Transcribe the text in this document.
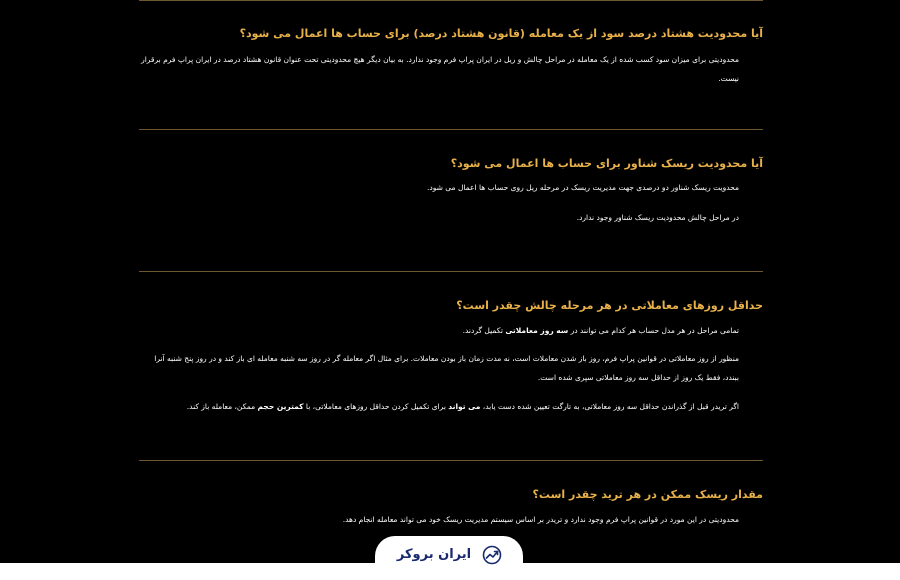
آیا محدودیت هشتاد درصد سود از یک معامله (قانون هشتاد درصد) برای حساب ها اعمال می شود؟

محدودیتی برای میزان سود کسب شده از یک معامله در مراحل چالش و ریل در ایران پراپ فرم وجود ندارد. به بیان دیگر هیچ محدودیتی تحت عنوان قانون هشتاد درصد در ایران پراپ فرم برقرار نیست.

آیا محدودیت ریسک شناور برای حساب ها اعمال می شود؟

محدویت ریسک شناور دو درصدی جهت مدیریت ریسک در مرحله ریل روی حساب ها اعمال می شود.

در مراحل چالش محدودیت ریسک شناور وجود ندارد.

حداقل روزهای معاملاتی در هر مرحله چالش چقدر است؟

تمامی مراحل در هر مدل حساب هر کدام می توانند در سه روز معاملاتی تکمیل گردند.

منظور از روز معاملاتی در قوانین پراپ فرم، روز باز شدن معاملات است، نه مدت زمان باز بودن معاملات. برای مثال اگر معامله گر در روز سه شنبه معامله ای باز کند و در روز پنج شنبه آنرا ببندد، فقط یک روز از حداقل سه روز معاملاتی سپری شده است.

اگر تریدر قبل از گذراندن حداقل سه روز معاملاتی، به تارگت تعیین شده دست یابد، می تواند برای تکمیل کردن حداقل روزهای معاملاتی، با کمترین حجم ممکن، معامله باز کند.

مقدار ریسک ممکن در هر ترید چقدر است؟

محدودیتی در این مورد در قوانین پراپ فرم وجود ندارد و تریدر بر اساس سیستم مدیریت ریسک خود می تواند معامله انجام دهد.

ایران بروکر
